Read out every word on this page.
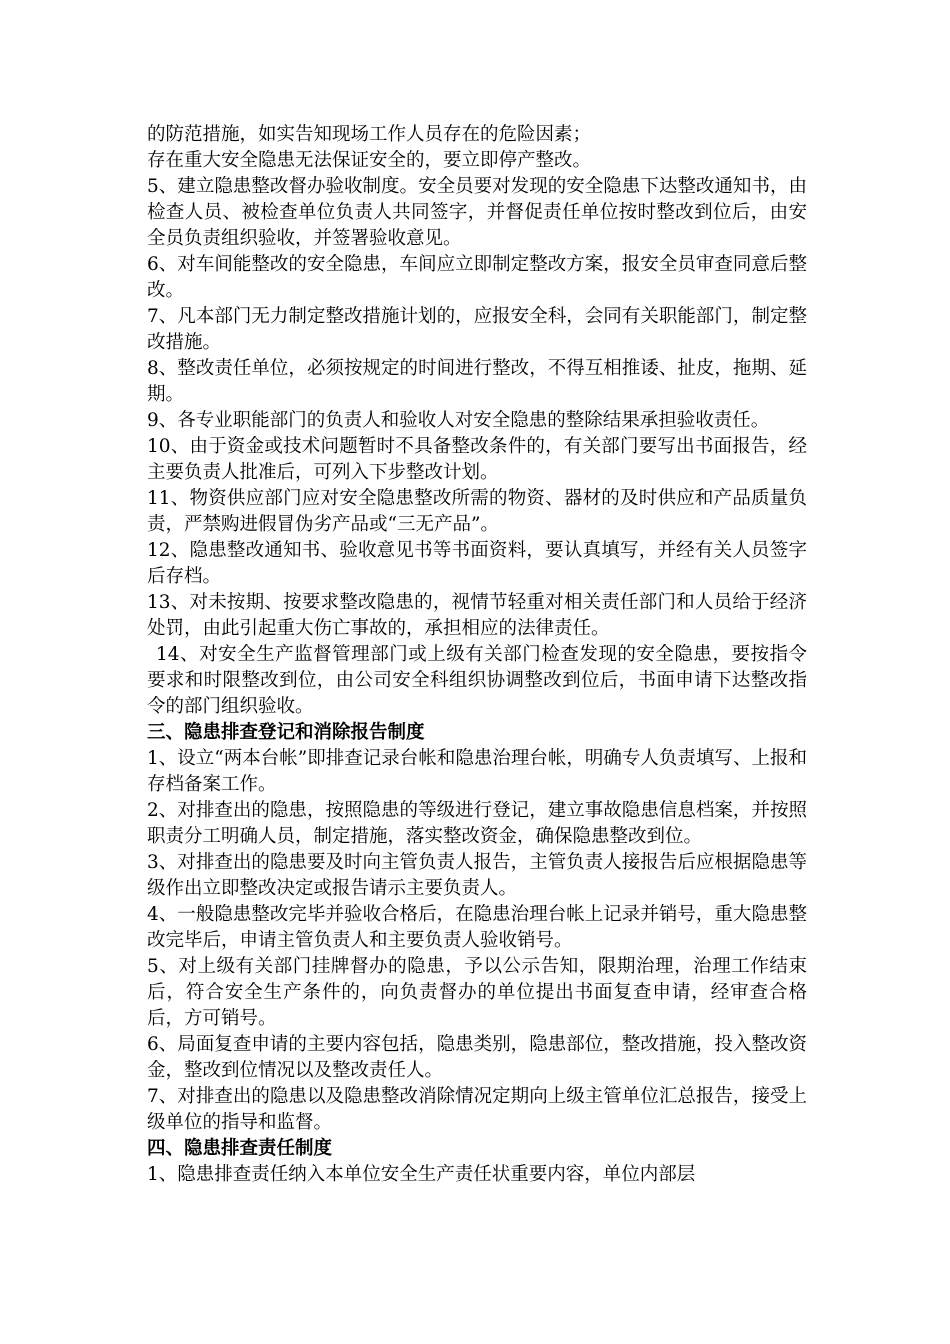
的防范措施，如实告知现场工作人员存在的危险因素；

存在重大安全隐患无法保证安全的，要立即停产整改。

5、建立隐患整改督办验收制度。安全员要对发现的安全隐患下达整改通知书，由检查人员、被检查单位负责人共同签字，并督促责任单位按时整改到位后，由安全员负责组织验收，并签署验收意见。

6、对车间能整改的安全隐患，车间应立即制定整改方案，报安全员审查同意后整改。

7、凡本部门无力制定整改措施计划的，应报安全科，会同有关职能部门，制定整改措施。

8、整改责任单位，必须按规定的时间进行整改，不得互相推诿、扯皮，拖期、延期。

9、各专业职能部门的负责人和验收人对安全隐患的整除结果承担验收责任。

10、由于资金或技术问题暂时不具备整改条件的，有关部门要写出书面报告，经主要负责人批准后，可列入下步整改计划。

11、物资供应部门应对安全隐患整改所需的物资、器材的及时供应和产品质量负责，严禁购进假冒伪劣产品或“三无产品”。

12、隐患整改通知书、验收意见书等书面资料，要认真填写，并经有关人员签字后存档。

13、对未按期、按要求整改隐患的，视情节轻重对相关责任部门和人员给于经济处罚，由此引起重大伤亡事故的，承担相应的法律责任。

14、对安全生产监督管理部门或上级有关部门检查发现的安全隐患，要按指令要求和时限整改到位，由公司安全科组织协调整改到位后，书面申请下达整改指令的部门组织验收。

三、隐患排查登记和消除报告制度

1、设立“两本台帐”即排查记录台帐和隐患治理台帐，明确专人负责填写、上报和存档备案工作。

2、对排查出的隐患，按照隐患的等级进行登记，建立事故隐患信息档案，并按照职责分工明确人员，制定措施，落实整改资金，确保隐患整改到位。

3、对排查出的隐患要及时向主管负责人报告，主管负责人接报告后应根据隐患等级作出立即整改决定或报告请示主要负责人。

4、一般隐患整改完毕并验收合格后，在隐患治理台帐上记录并销号，重大隐患整改完毕后，申请主管负责人和主要负责人验收销号。

5、对上级有关部门挂牌督办的隐患，予以公示告知，限期治理，治理工作结束后，符合安全生产条件的，向负责督办的单位提出书面复查申请，经审查合格后，方可销号。

6、局面复查申请的主要内容包括，隐患类别，隐患部位，整改措施，投入整改资金，整改到位情况以及整改责任人。

7、对排查出的隐患以及隐患整改消除情况定期向上级主管单位汇总报告，接受上级单位的指导和监督。

四、隐患排查责任制度

1、隐患排查责任纳入本单位安全生产责任状重要内容，单位内部层
